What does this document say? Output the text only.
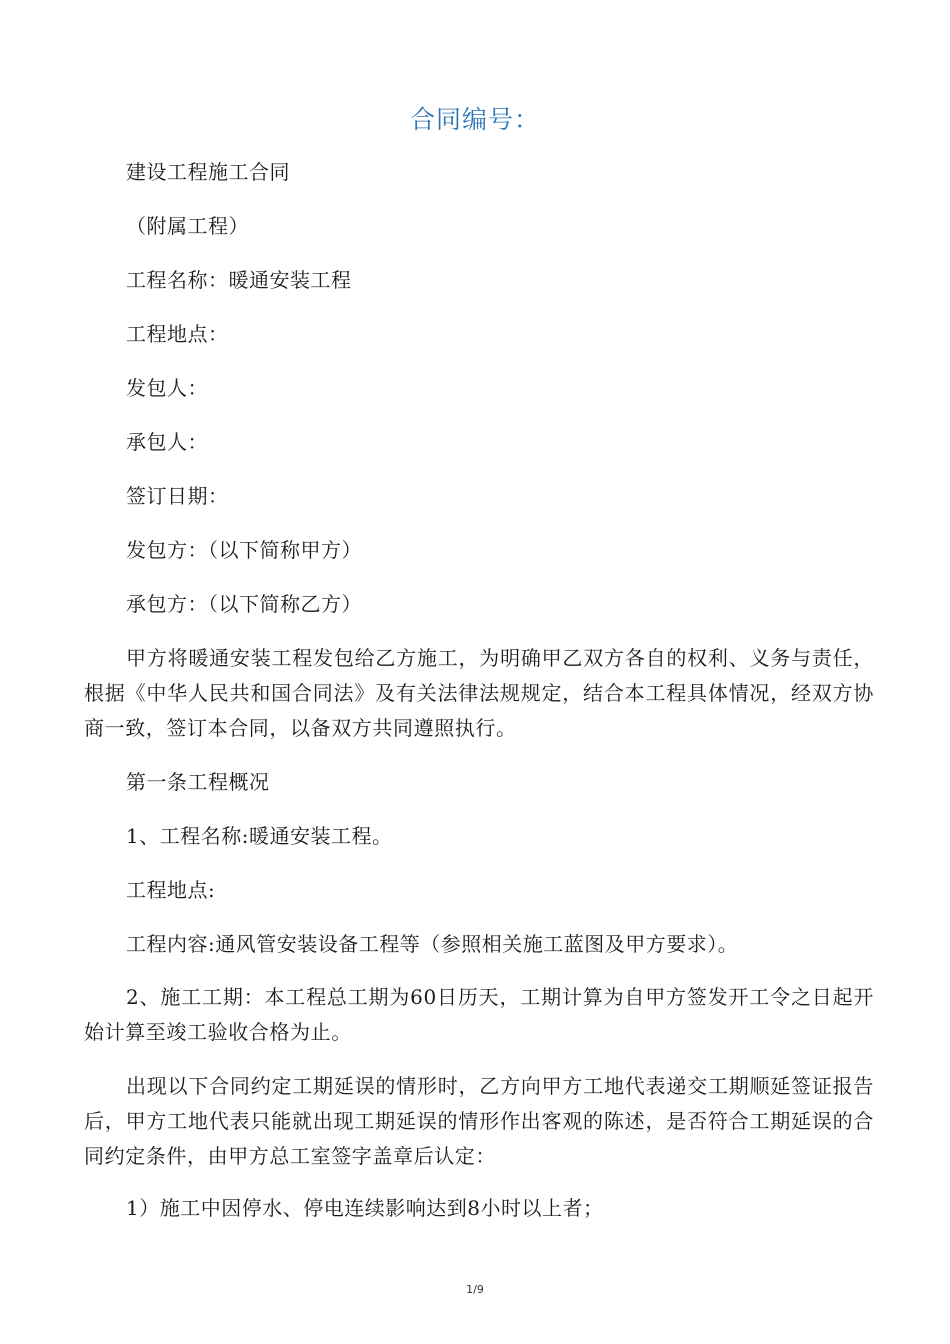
合同编号：
建设工程施工合同
（附属工程）
工程名称：暖通安装工程
工程地点：
发包人：
承包人：
签订日期：
发包方：（以下简称甲方）
承包方：（以下简称乙方）
甲方将暖通安装工程发包给乙方施工，为明确甲乙双方各自的权利、义务与责任，根据《中华人民共和国合同法》及有关法律法规规定，结合本工程具体情况，经双方协商一致，签订本合同，以备双方共同遵照执行。
第一条工程概况
1、工程名称:暖通安装工程。
工程地点:
工程内容:通风管安装设备工程等（参照相关施工蓝图及甲方要求）。
2、施工工期：本工程总工期为60日历天，工期计算为自甲方签发开工令之日起开始计算至竣工验收合格为止。
出现以下合同约定工期延误的情形时，乙方向甲方工地代表递交工期顺延签证报告后，甲方工地代表只能就出现工期延误的情形作出客观的陈述，是否符合工期延误的合同约定条件，由甲方总工室签字盖章后认定：
1）施工中因停水、停电连续影响达到8小时以上者；
1/9
